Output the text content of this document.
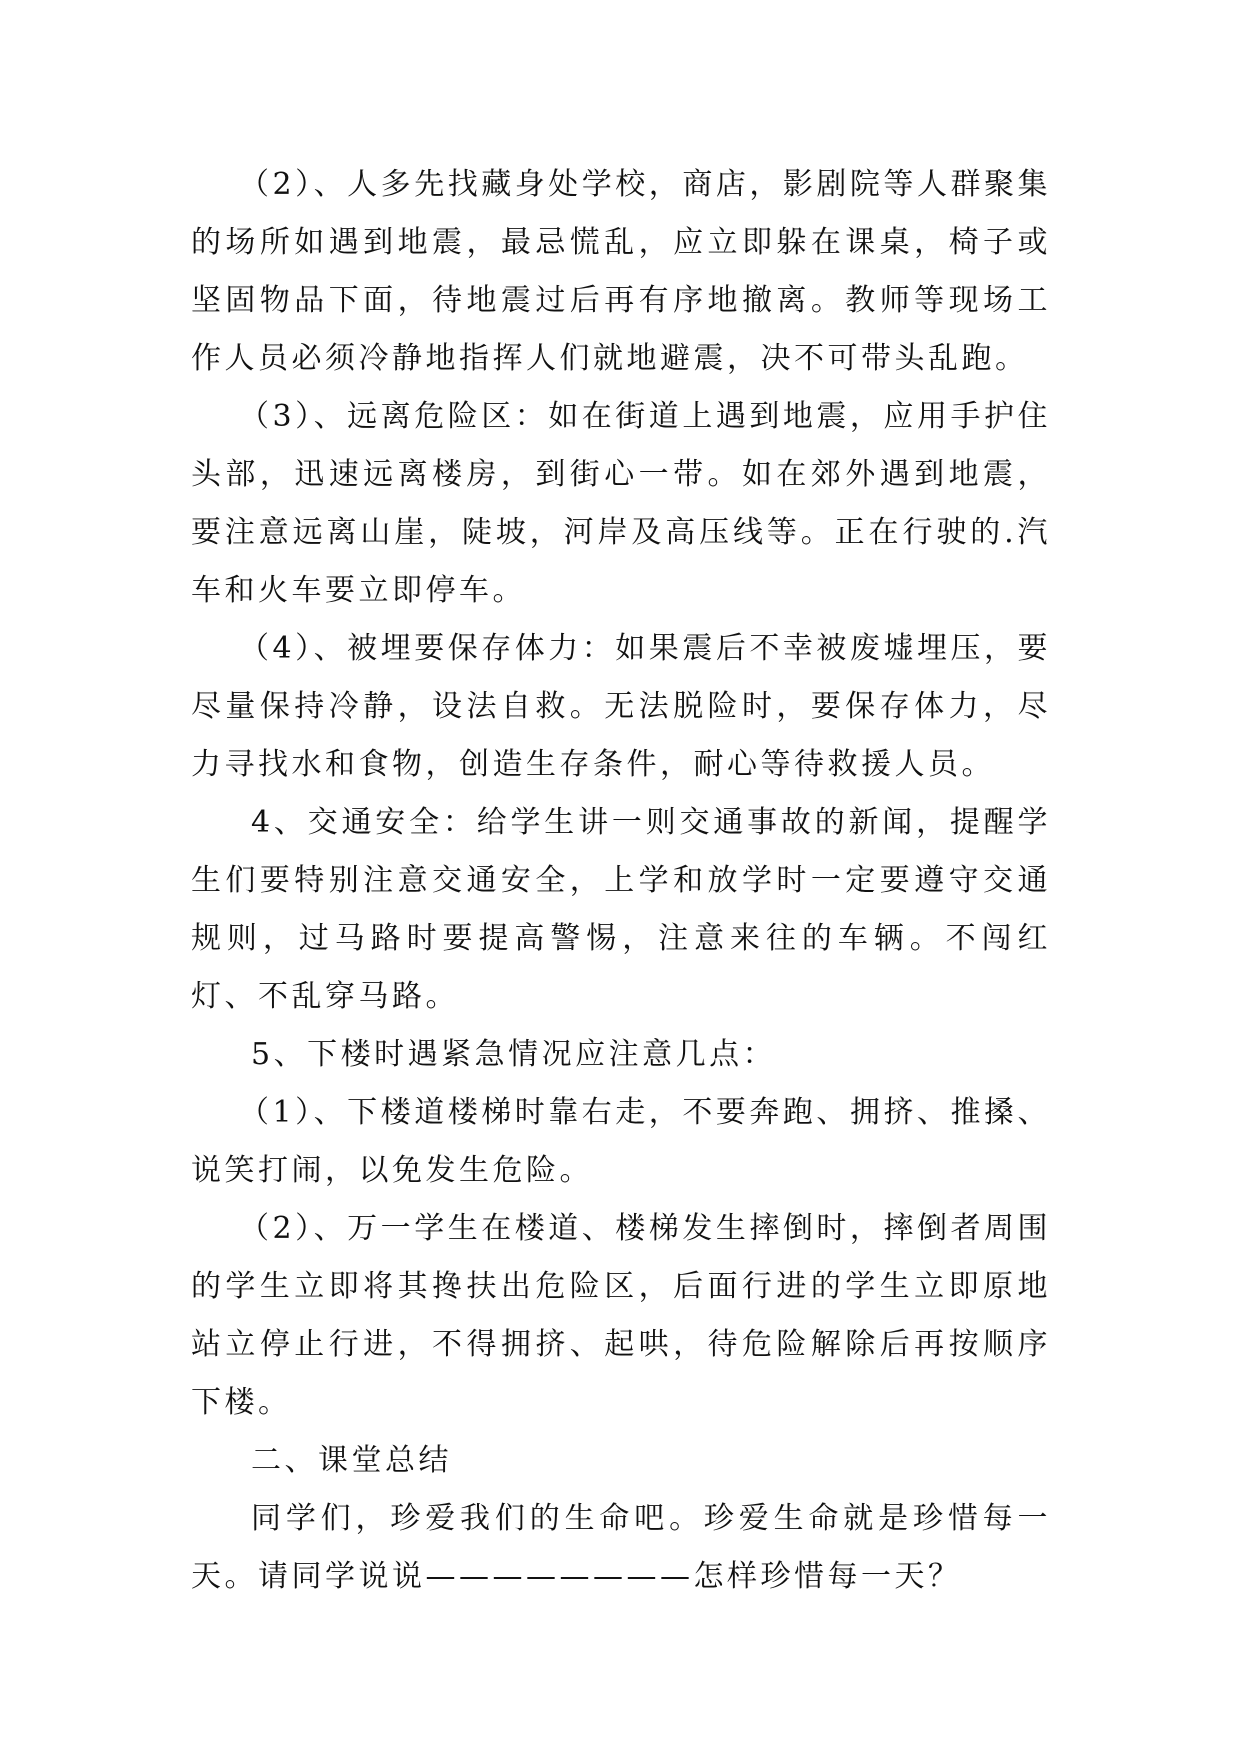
（2）、人多先找藏身处学校，商店，影剧院等人群聚集的场所如遇到地震，最忌慌乱，应立即躲在课桌，椅子或坚固物品下面，待地震过后再有序地撤离。教师等现场工作人员必须冷静地指挥人们就地避震，决不可带头乱跑。

（3）、远离危险区：如在街道上遇到地震，应用手护住头部，迅速远离楼房，到街心一带。如在郊外遇到地震，要注意远离山崖，陡坡，河岸及高压线等。正在行驶的.汽车和火车要立即停车。

（4）、被埋要保存体力：如果震后不幸被废墟埋压，要尽量保持冷静，设法自救。无法脱险时，要保存体力，尽力寻找水和食物，创造生存条件，耐心等待救援人员。

4、交通安全：给学生讲一则交通事故的新闻，提醒学生们要特别注意交通安全，上学和放学时一定要遵守交通规则，过马路时要提高警惕，注意来往的车辆。不闯红灯、不乱穿马路。

5、下楼时遇紧急情况应注意几点：

（1）、下楼道楼梯时靠右走，不要奔跑、拥挤、推搡、说笑打闹，以免发生危险。

（2）、万一学生在楼道、楼梯发生摔倒时，摔倒者周围的学生立即将其搀扶出危险区，后面行进的学生立即原地站立停止行进，不得拥挤、起哄，待危险解除后再按顺序下楼。

二、课堂总结

同学们，珍爱我们的生命吧。珍爱生命就是珍惜每一天。请同学说说————————怎样珍惜每一天？
